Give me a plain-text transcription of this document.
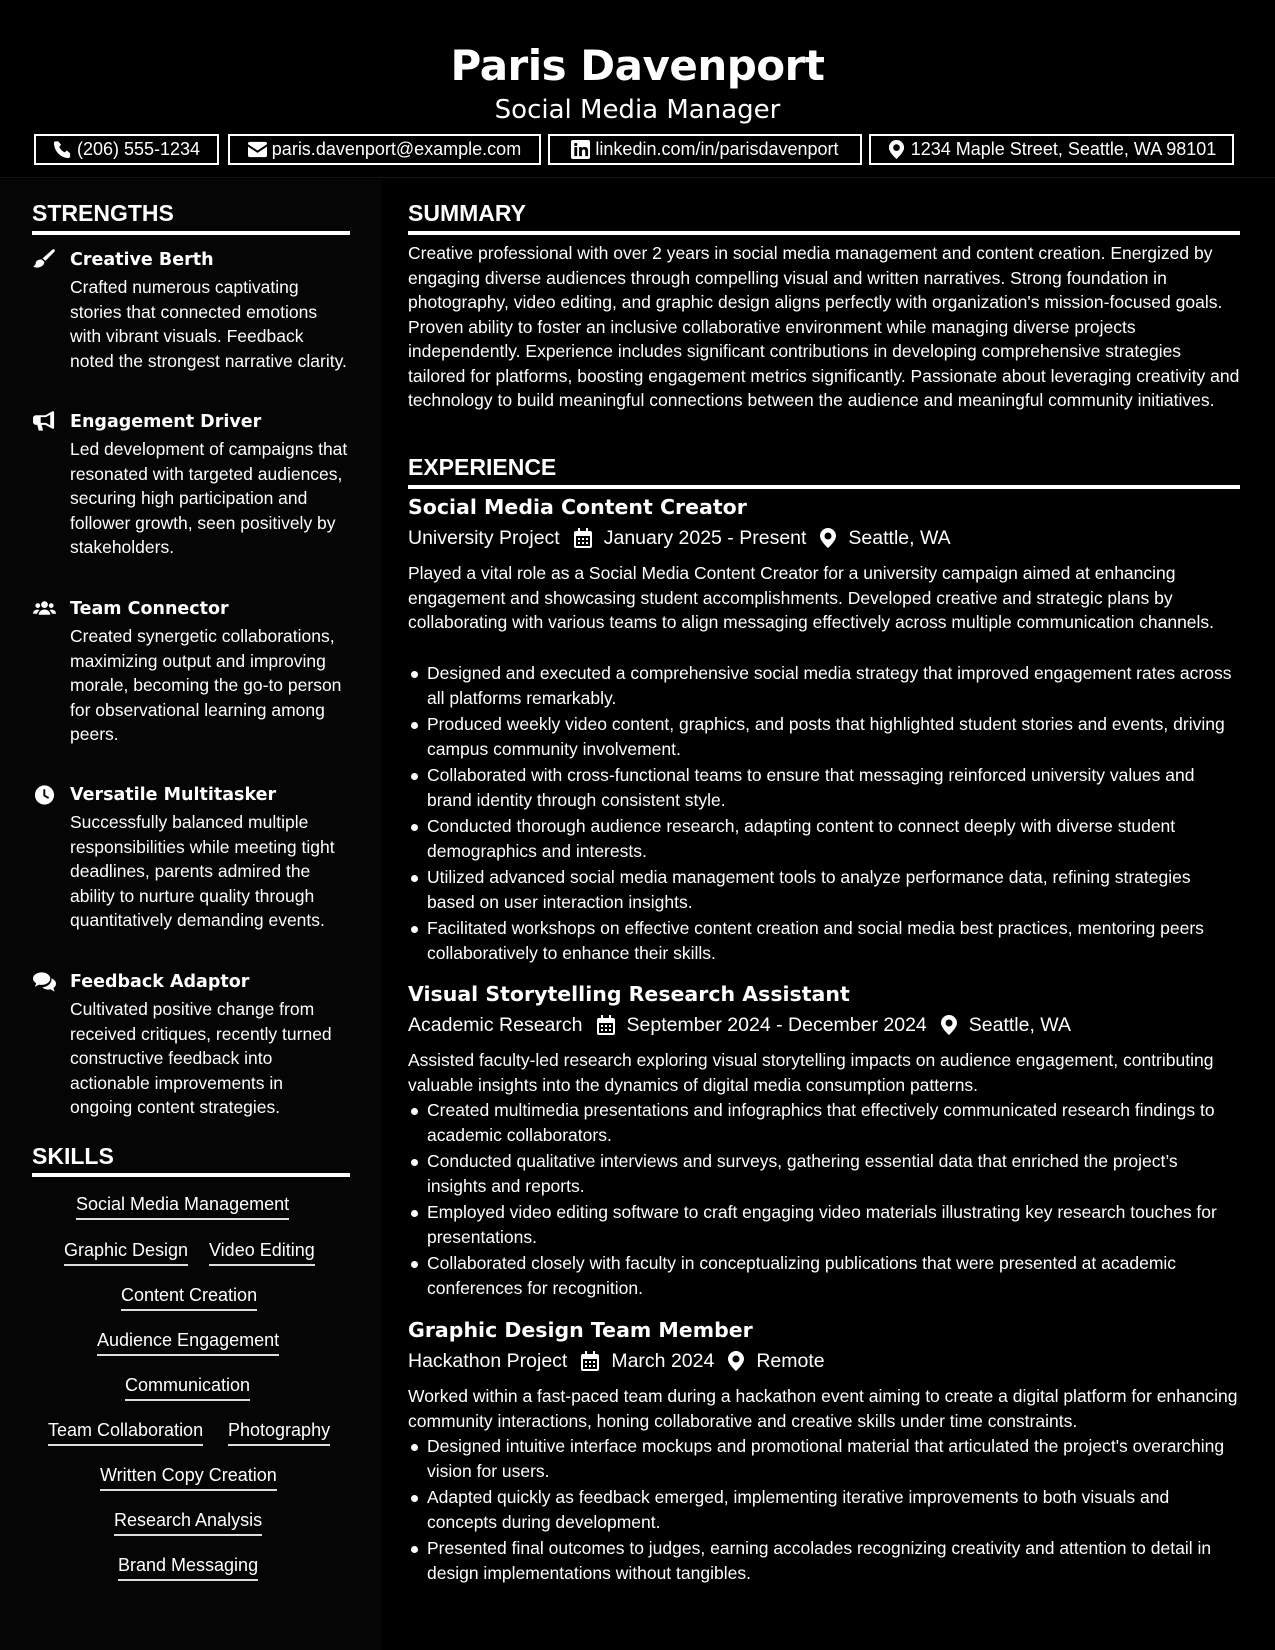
Paris Davenport
Social Media Manager
(206) 555-1234	paris.davenport@example.com	linkedin.com/in/parisdavenport	1234 Maple Street, Seattle, WA 98101
STRENGTHS
Creative Berth
Crafted numerous captivating stories that connected emotions with vibrant visuals. Feedback noted the strongest narrative clarity.
Engagement Driver
Led development of campaigns that resonated with targeted audiences, securing high participation and follower growth, seen positively by stakeholders.
Team Connector
Created synergetic collaborations, maximizing output and improving morale, becoming the go-to person for observational learning among peers.
Versatile Multitasker
Successfully balanced multiple responsibilities while meeting tight deadlines, parents admired the ability to nurture quality through quantitatively demanding events.
Feedback Adaptor
Cultivated positive change from received critiques, recently turned constructive feedback into actionable improvements in ongoing content strategies.
SKILLS
Social Media Management
Graphic Design Video Editing
Content Creation
Audience Engagement
Communication
Team Collaboration Photography
Written Copy Creation
Research Analysis
Brand Messaging
SUMMARY
Creative professional with over 2 years in social media management and content creation. Energized by engaging diverse audiences through compelling visual and written narratives. Strong foundation in photography, video editing, and graphic design aligns perfectly with organization's mission-focused goals. Proven ability to foster an inclusive collaborative environment while managing diverse projects independently. Experience includes significant contributions in developing comprehensive strategies tailored for platforms, boosting engagement metrics significantly. Passionate about leveraging creativity and technology to build meaningful connections between the audience and meaningful community initiatives.
EXPERIENCE
Social Media Content Creator
University Project January 2025 - Present Seattle, WA
Played a vital role as a Social Media Content Creator for a university campaign aimed at enhancing engagement and showcasing student accomplishments. Developed creative and strategic plans by collaborating with various teams to align messaging effectively across multiple communication channels.
Designed and executed a comprehensive social media strategy that improved engagement rates across all platforms remarkably.
Produced weekly video content, graphics, and posts that highlighted student stories and events, driving campus community involvement.
Collaborated with cross-functional teams to ensure that messaging reinforced university values and brand identity through consistent style.
Conducted thorough audience research, adapting content to connect deeply with diverse student demographics and interests.
Utilized advanced social media management tools to analyze performance data, refining strategies based on user interaction insights.
Facilitated workshops on effective content creation and social media best practices, mentoring peers collaboratively to enhance their skills.
Visual Storytelling Research Assistant
Academic Research September 2024 - December 2024 Seattle, WA
Assisted faculty-led research exploring visual storytelling impacts on audience engagement, contributing valuable insights into the dynamics of digital media consumption patterns.
Created multimedia presentations and infographics that effectively communicated research findings to academic collaborators.
Conducted qualitative interviews and surveys, gathering essential data that enriched the project’s insights and reports.
Employed video editing software to craft engaging video materials illustrating key research touches for presentations.
Collaborated closely with faculty in conceptualizing publications that were presented at academic conferences for recognition.
Graphic Design Team Member
Hackathon Project March 2024 Remote
Worked within a fast-paced team during a hackathon event aiming to create a digital platform for enhancing community interactions, honing collaborative and creative skills under time constraints.
Designed intuitive interface mockups and promotional material that articulated the project's overarching vision for users.
Adapted quickly as feedback emerged, implementing iterative improvements to both visuals and concepts during development.
Presented final outcomes to judges, earning accolades recognizing creativity and attention to detail in design implementations without tangibles.
